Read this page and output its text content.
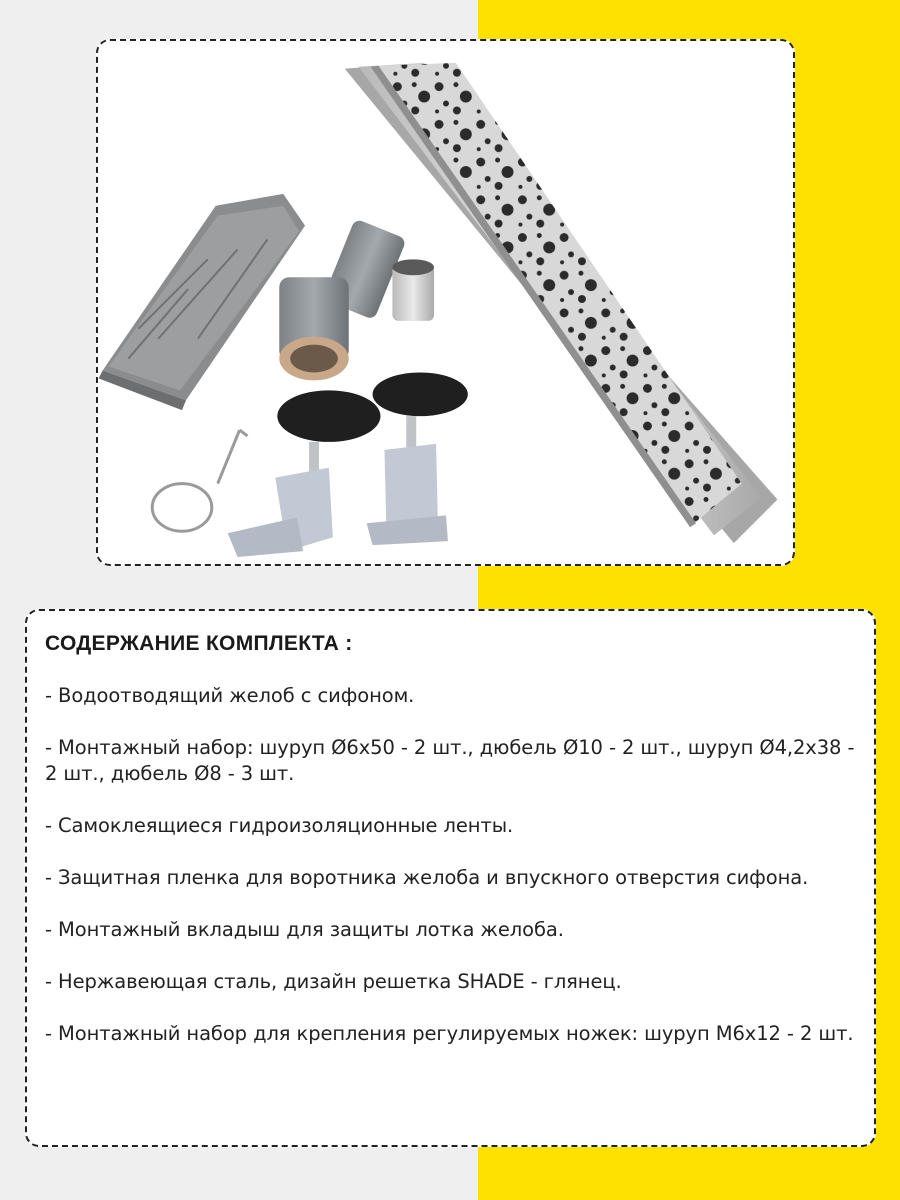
СОДЕРЖАНИЕ КОМПЛЕКТА :
- Водоотводящий желоб с сифоном.
- Монтажный набор: шуруп Ø6x50 - 2 шт., дюбель Ø10 - 2 шт., шуруп Ø4,2x38 - 2 шт., дюбель Ø8 - 3 шт.
- Самоклеящиеся гидроизоляционные ленты.
- Защитная пленка для воротника желоба и впускного отверстия сифона.
- Монтажный вкладыш для защиты лотка желоба.
- Нержавеющая сталь, дизайн решетка SHADE - глянец.
- Монтажный набор для крепления регулируемых ножек: шуруп M6x12 - 2 шт.
